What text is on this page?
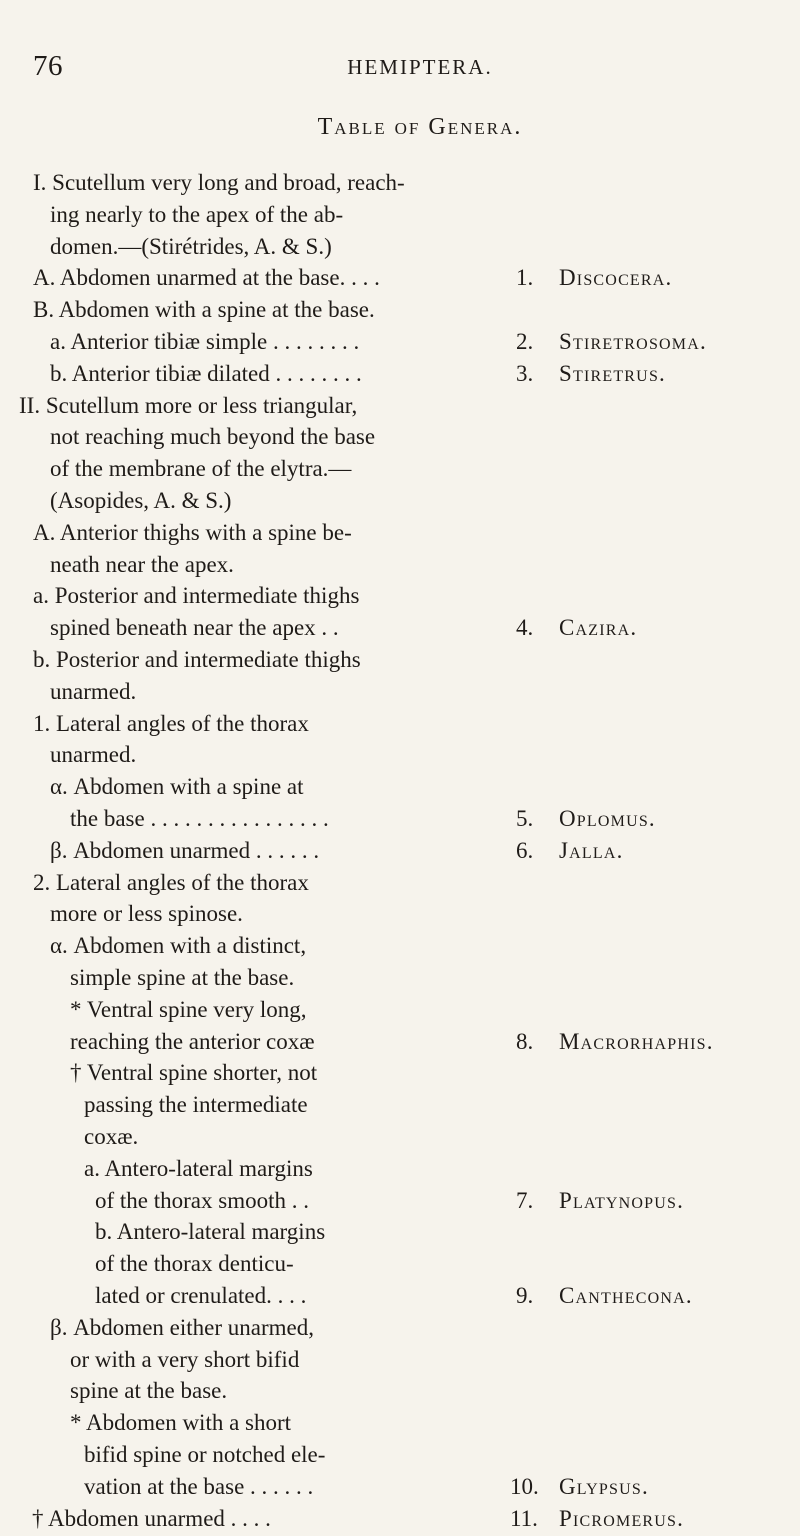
76	HEMIPTERA.
Table of Genera.
I. Scutellum very long and broad, reach-
ing nearly to the apex of the ab-
domen.—(Stirétrides, A. & S.)
A. Abdomen unarmed at the base. . . .	1. Discocera.
B. Abdomen with a spine at the base.
a. Anterior tibiæ simple . . . . . . . .	2. Stiretrosoma.
b. Anterior tibiæ dilated . . . . . . . .	3. Stiretrus.
II. Scutellum more or less triangular,
not reaching much beyond the base
of the membrane of the elytra.—
(Asopides, A. & S.)
A. Anterior thighs with a spine be-
neath near the apex.
a. Posterior and intermediate thighs
spined beneath near the apex . .	4. Cazira.
b. Posterior and intermediate thighs
unarmed.
1. Lateral angles of the thorax
unarmed.
α. Abdomen with a spine at
the base . . . . . . . . . . . . . . . .	5. Oplomus.
β. Abdomen unarmed . . . . . .	6. Jalla.
2. Lateral angles of the thorax
more or less spinose.
α. Abdomen with a distinct,
simple spine at the base.
* Ventral spine very long,
reaching the anterior coxæ	8. Macrorhaphis.
† Ventral spine shorter, not
passing the intermediate
coxæ.
a. Antero-lateral margins
of the thorax smooth . .	7. Platynopus.
b. Antero-lateral margins
of the thorax denticu-
lated or crenulated. . . .	9. Canthecona.
β. Abdomen either unarmed,
or with a very short bifid
spine at the base.
* Abdomen with a short
bifid spine or notched ele-
vation at the base . . . . . .	10. Glypsus.
† Abdomen unarmed . . . .	11. Picromerus.
